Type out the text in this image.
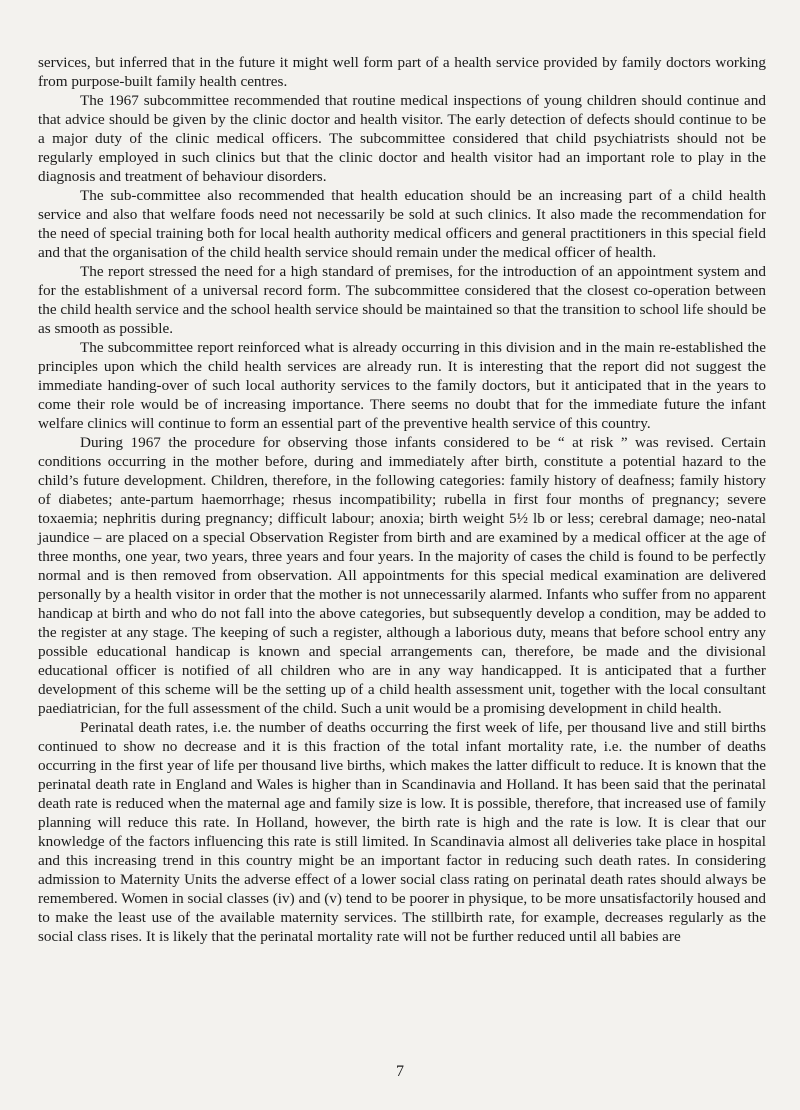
services, but inferred that in the future it might well form part of a health service provided by family doctors working from purpose-built family health centres.

The 1967 subcommittee recommended that routine medical inspections of young children should continue and that advice should be given by the clinic doctor and health visitor. The early detection of defects should continue to be a major duty of the clinic medical officers. The subcommittee considered that child psychiatrists should not be regularly employed in such clinics but that the clinic doctor and health visitor had an important role to play in the diagnosis and treatment of behaviour disorders.

The sub-committee also recommended that health education should be an increasing part of a child health service and also that welfare foods need not necessarily be sold at such clinics. It also made the recommendation for the need of special training both for local health authority medical officers and general practitioners in this special field and that the organisation of the child health service should remain under the medical officer of health.

The report stressed the need for a high standard of premises, for the introduction of an appointment system and for the establishment of a universal record form. The subcommittee considered that the closest co-operation between the child health service and the school health service should be maintained so that the transition to school life should be as smooth as possible.

The subcommittee report reinforced what is already occurring in this division and in the main re-established the principles upon which the child health services are already run. It is interesting that the report did not suggest the immediate handing-over of such local authority services to the family doctors, but it anticipated that in the years to come their role would be of increasing importance. There seems no doubt that for the immediate future the infant welfare clinics will continue to form an essential part of the preventive health service of this country.

During 1967 the procedure for observing those infants considered to be “ at risk ” was revised. Certain conditions occurring in the mother before, during and immediately after birth, constitute a potential hazard to the child’s future development. Children, therefore, in the following categories: family history of deafness; family history of diabetes; ante-partum haemorrhage; rhesus incompatibility; rubella in first four months of pregnancy; severe toxaemia; nephritis during pregnancy; difficult labour; anoxia; birth weight 5½ lb or less; cerebral damage; neo-natal jaundice – are placed on a special Observation Register from birth and are examined by a medical officer at the age of three months, one year, two years, three years and four years. In the majority of cases the child is found to be perfectly normal and is then removed from observation. All appointments for this special medical examination are delivered personally by a health visitor in order that the mother is not unnecessarily alarmed. Infants who suffer from no apparent handicap at birth and who do not fall into the above categories, but subsequently develop a condition, may be added to the register at any stage. The keeping of such a register, although a laborious duty, means that before school entry any possible educational handicap is known and special arrangements can, therefore, be made and the divisional educational officer is notified of all children who are in any way handicapped. It is anticipated that a further development of this scheme will be the setting up of a child health assessment unit, together with the local consultant paediatrician, for the full assessment of the child. Such a unit would be a promising development in child health.

Perinatal death rates, i.e. the number of deaths occurring the first week of life, per thousand live and still births continued to show no decrease and it is this fraction of the total infant mortality rate, i.e. the number of deaths occurring in the first year of life per thousand live births, which makes the latter difficult to reduce. It is known that the perinatal death rate in England and Wales is higher than in Scandinavia and Holland. It has been said that the perinatal death rate is reduced when the maternal age and family size is low. It is possible, therefore, that increased use of family planning will reduce this rate. In Holland, however, the birth rate is high and the rate is low. It is clear that our knowledge of the factors influencing this rate is still limited. In Scandinavia almost all deliveries take place in hospital and this increasing trend in this country might be an important factor in reducing such death rates. In considering admission to Maternity Units the adverse effect of a lower social class rating on perinatal death rates should always be remembered. Women in social classes (iv) and (v) tend to be poorer in physique, to be more unsatisfactorily housed and to make the least use of the available maternity services. The stillbirth rate, for example, decreases regularly as the social class rises. It is likely that the perinatal mortality rate will not be further reduced until all babies are

7
